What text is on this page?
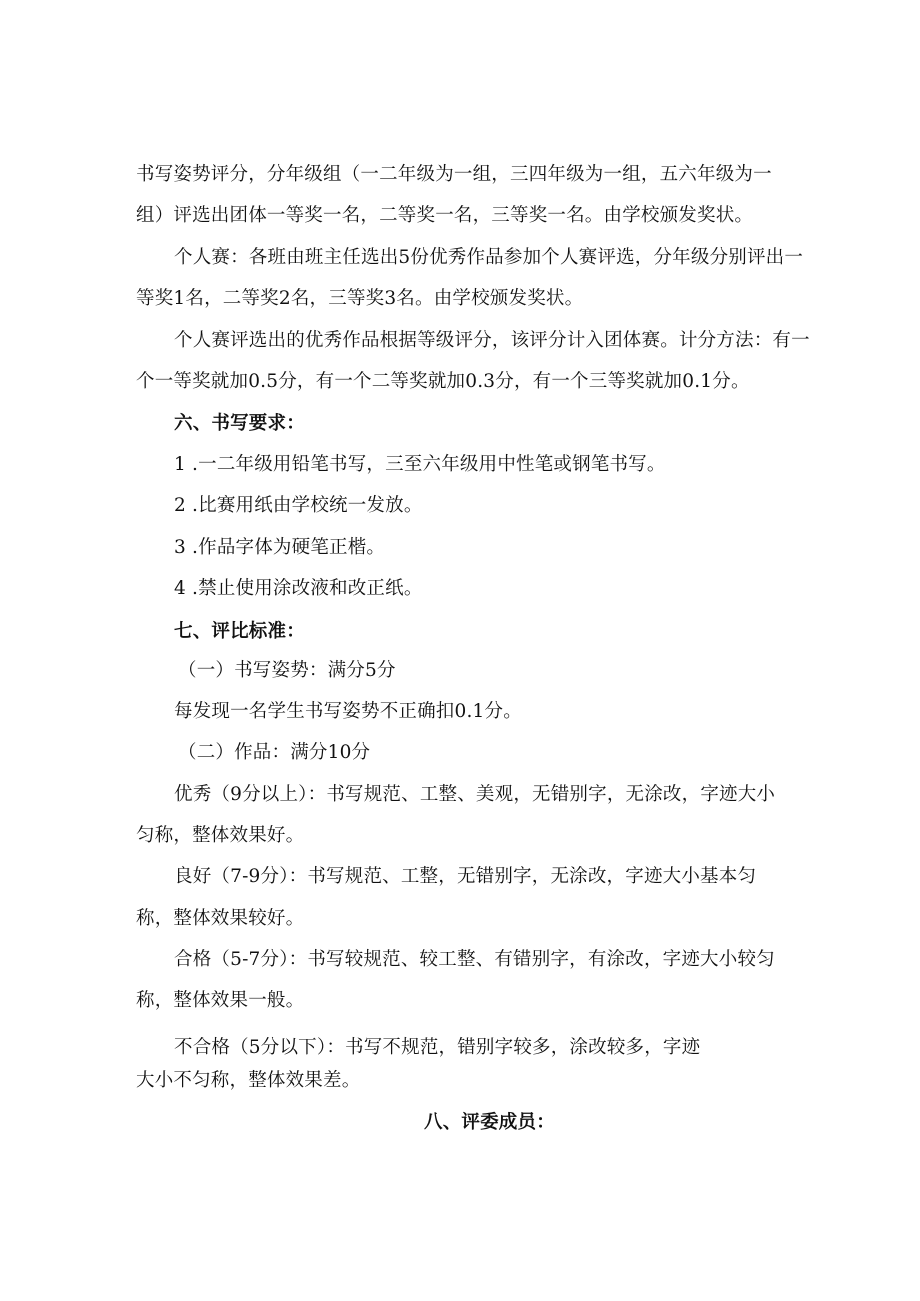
书写姿势评分，分年级组（一二年级为一组，三四年级为一组，五六年级为一
组）评选出团体一等奖一名，二等奖一名，三等奖一名。由学校颁发奖状。
个人赛：各班由班主任选出5份优秀作品参加个人赛评选，分年级分别评出一
等奖1名，二等奖2名，三等奖3名。由学校颁发奖状。
个人赛评选出的优秀作品根据等级评分，该评分计入团体赛。计分方法：有一
个一等奖就加0.5分，有一个二等奖就加0.3分，有一个三等奖就加0.1分。
六、书写要求：
1 .一二年级用铅笔书写，三至六年级用中性笔或钢笔书写。
2 .比赛用纸由学校统一发放。
3 .作品字体为硬笔正楷。
4 .禁止使用涂改液和改正纸。
七、评比标准：
（一）书写姿势：满分5分
每发现一名学生书写姿势不正确扣0.1分。
（二）作品：满分10分
优秀（9分以上）：书写规范、工整、美观，无错别字，无涂改，字迹大小
匀称，整体效果好。
良好（7-9分）：书写规范、工整，无错别字，无涂改，字迹大小基本匀
称，整体效果较好。
合格（5-7分）：书写较规范、较工整、有错别字，有涂改，字迹大小较匀
称，整体效果一般。
不合格（5分以下）：书写不规范，错别字较多，涂改较多，字迹
大小不匀称，整体效果差。
八、评委成员：
